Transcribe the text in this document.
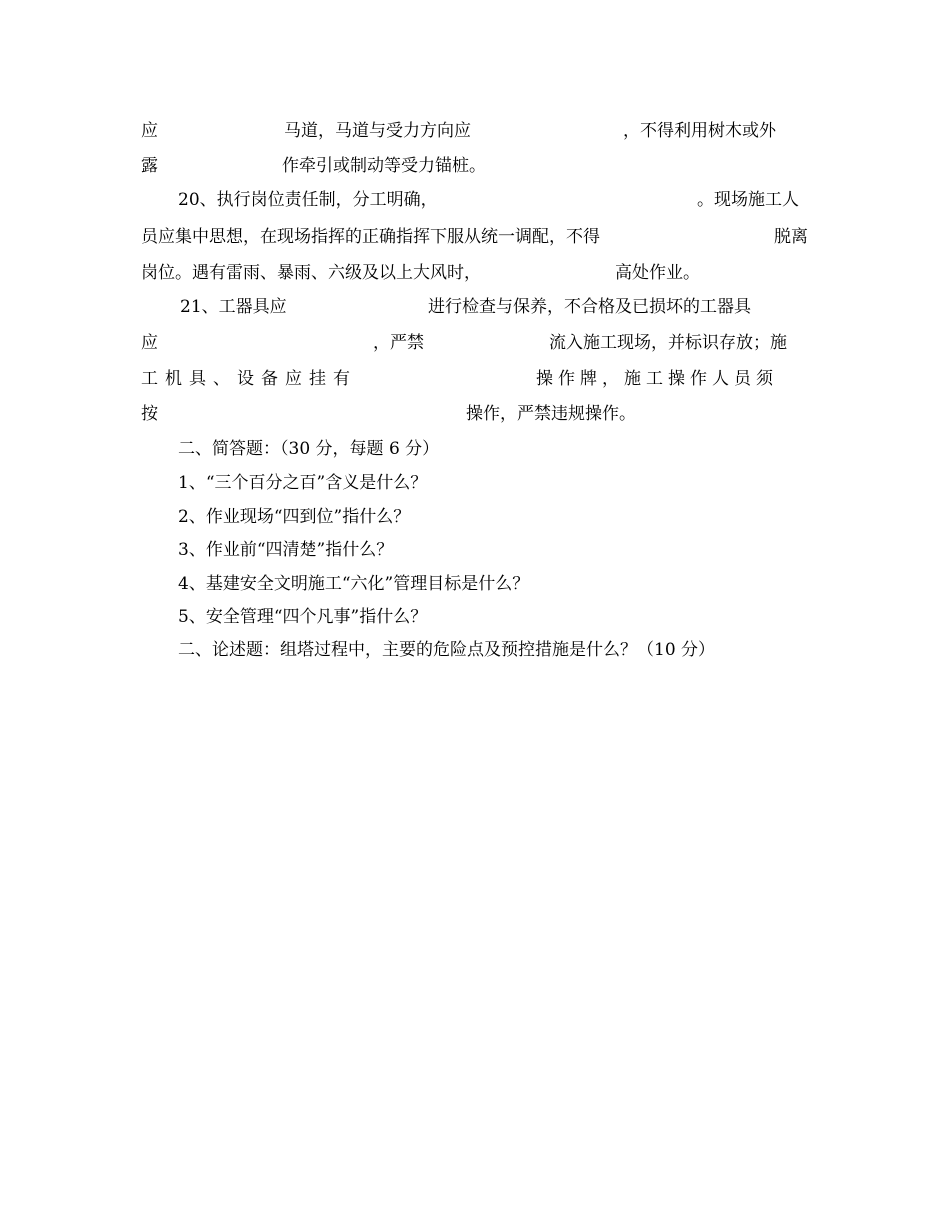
应	马道，马道与受力方向应	，不得利用树木或外
露	作牵引或制动等受力锚桩。
20、执行岗位责任制，分工明确，	。现场施工人
员应集中思想，在现场指挥的正确指挥下服从统一调配，不得	脱离
岗位。遇有雷雨、暴雨、六级及以上大风时，	高处作业。
21、工器具应	进行检查与保养，不合格及已损坏的工器具
应	，严禁	流入施工现场，并标识存放；施
工机具、设备应挂有	操作牌，施工操作人员须
按	操作，严禁违规操作。
二、简答题：（30 分，每题 6 分）
1、“三个百分之百”含义是什么？
2、作业现场“四到位”指什么？
3、作业前“四清楚”指什么？
4、基建安全文明施工“六化”管理目标是什么？
5、安全管理“四个凡事”指什么？
二、论述题：组塔过程中，主要的危险点及预控措施是什么？（10 分）
